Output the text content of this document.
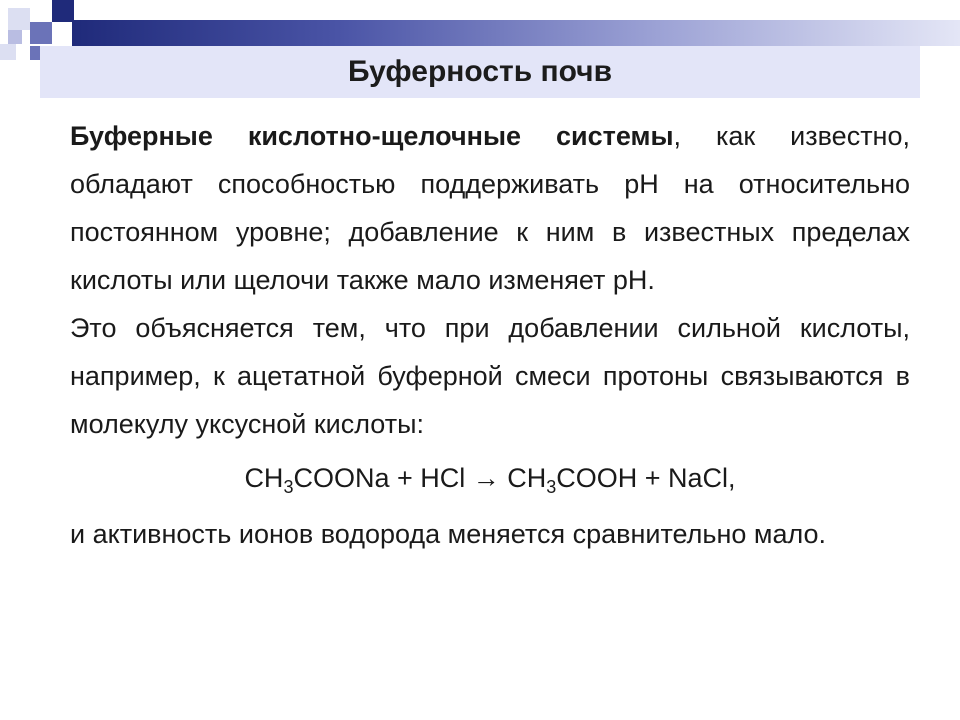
Буферность почв

Буферные кислотно-щелочные системы, как известно, обладают способностью поддерживать pH на относительно постоянном уровне; добавление к ним в известных пределах кислоты или щелочи также мало изменяет pH.

Это объясняется тем, что при добавлении сильной кислоты, например, к ацетатной буферной смеси протоны связываются в молекулу уксусной кислоты:

$CH_3COONa$ + HCl → $CH_3COOH$ + NaCl,

и активность ионов водорода меняется сравнительно мало.
